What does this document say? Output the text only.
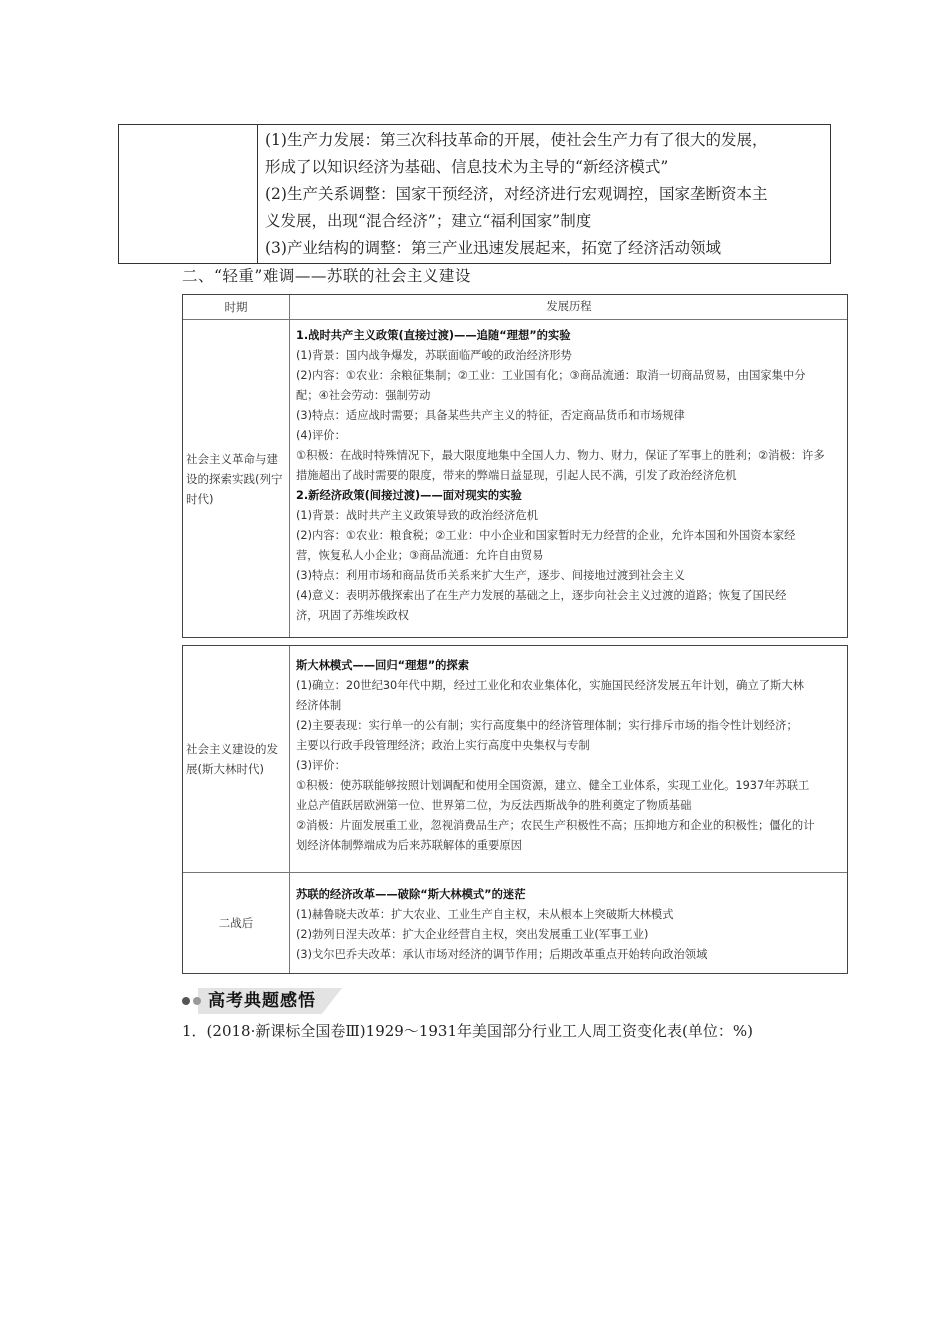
(1)生产力发展：第三次科技革命的开展，使社会生产力有了很大的发展，

形成了以知识经济为基础、信息技术为主导的“新经济模式”

(2)生产关系调整：国家干预经济，对经济进行宏观调控，国家垄断资本主

义发展，出现“混合经济”；建立“福利国家”制度

(3)产业结构的调整：第三产业迅速发展起来，拓宽了经济活动领域

二、“轻重”难调——苏联的社会主义建设
时期	发展历程
社会主义革命与建设的探索实践(列宁时代)

1.战时共产主义政策(直接过渡)——追随“理想”的实验

(1)背景：国内战争爆发，苏联面临严峻的政治经济形势

(2)内容：①农业：余粮征集制；②工业：工业国有化；③商品流通：取消一切商品贸易，由国家集中分

配；④社会劳动：强制劳动

(3)特点：适应战时需要；具备某些共产主义的特征，否定商品货币和市场规律

(4)评价：

①积极：在战时特殊情况下，最大限度地集中全国人力、物力、财力，保证了军事上的胜利；②消极：许多

措施超出了战时需要的限度，带来的弊端日益显现，引起人民不满，引发了政治经济危机

2.新经济政策(间接过渡)——面对现实的实验

(1)背景：战时共产主义政策导致的政治经济危机

(2)内容：①农业：粮食税；②工业：中小企业和国家暂时无力经营的企业，允许本国和外国资本家经

营，恢复私人小企业；③商品流通：允许自由贸易

(3)特点：利用市场和商品货币关系来扩大生产，逐步、间接地过渡到社会主义

(4)意义：表明苏俄探索出了在生产力发展的基础之上，逐步向社会主义过渡的道路；恢复了国民经

济，巩固了苏维埃政权

社会主义建设的发展(斯大林时代)

斯大林模式——回归“理想”的探索

(1)确立：20世纪30年代中期，经过工业化和农业集体化，实施国民经济发展五年计划，确立了斯大林

经济体制

(2)主要表现：实行单一的公有制；实行高度集中的经济管理体制；实行排斥市场的指令性计划经济；

主要以行政手段管理经济；政治上实行高度中央集权与专制

(3)评价：

①积极：使苏联能够按照计划调配和使用全国资源，建立、健全工业体系，实现工业化。1937年苏联工

业总产值跃居欧洲第一位、世界第二位，为反法西斯战争的胜利奠定了物质基础

②消极：片面发展重工业，忽视消费品生产；农民生产积极性不高；压抑地方和企业的积极性；僵化的计

划经济体制弊端成为后来苏联解体的重要原因

二战后

苏联的经济改革——破除“斯大林模式”的迷茫

(1)赫鲁晓夫改革：扩大农业、工业生产自主权，未从根本上突破斯大林模式

(2)勃列日涅夫改革：扩大企业经营自主权，突出发展重工业(军事工业)

(3)戈尔巴乔夫改革：承认市场对经济的调节作用；后期改革重点开始转向政治领域

高考典题感悟
1．(2018·新课标全国卷Ⅲ)1929～1931年美国部分行业工人周工资变化表(单位：%)
